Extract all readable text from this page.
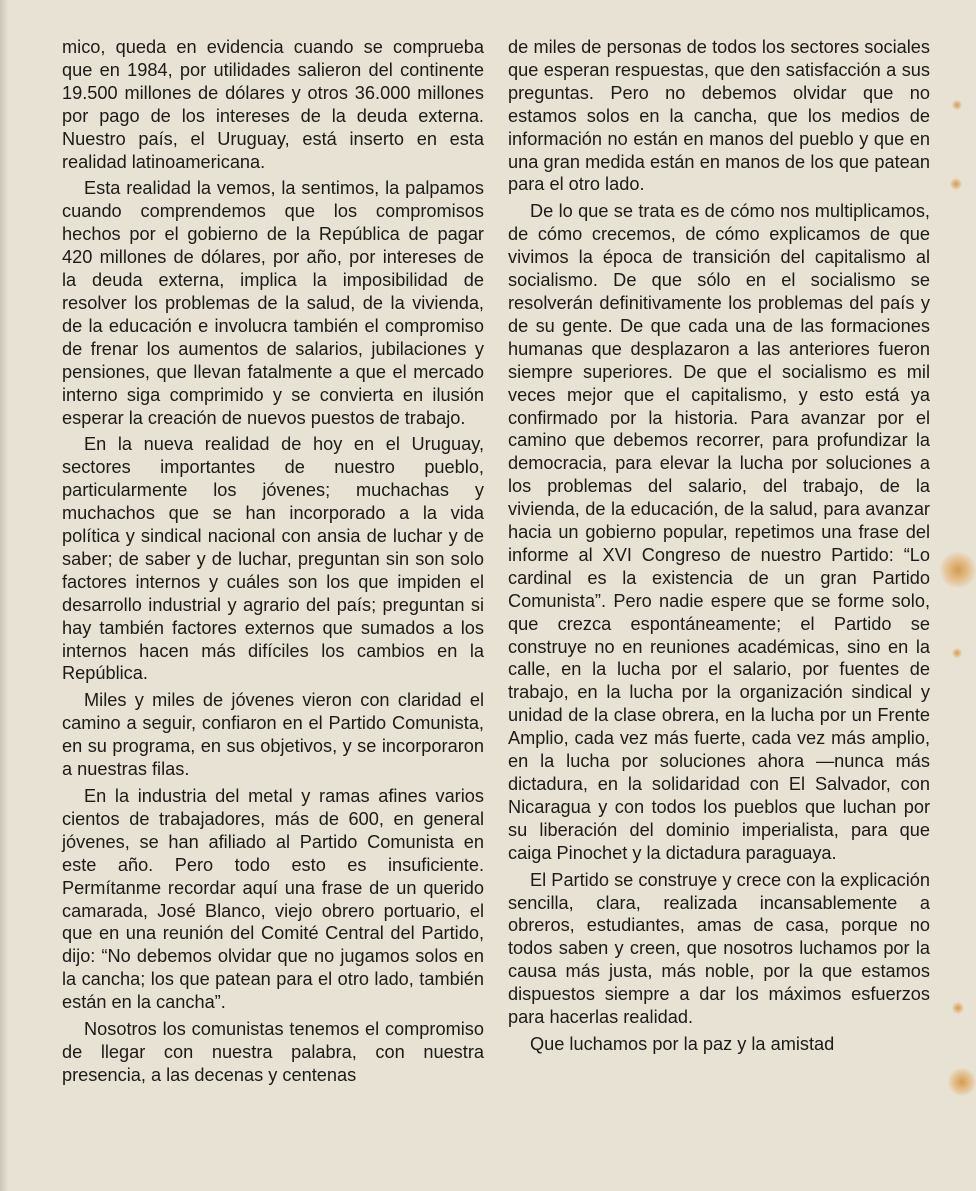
mico, queda en evidencia cuando se comprueba que en 1984, por utilidades salieron del continente 19.500 millones de dólares y otros 36.000 millones por pago de los intereses de la deuda externa. Nuestro país, el Uruguay, está inserto en esta realidad latinoamericana.

Esta realidad la vemos, la sentimos, la palpamos cuando comprendemos que los compromisos hechos por el gobierno de la República de pagar 420 millones de dólares, por año, por intereses de la deuda externa, implica la imposibilidad de resolver los problemas de la salud, de la vivienda, de la educación e involucra también el compromiso de frenar los aumentos de salarios, jubilaciones y pensiones, que llevan fatalmente a que el mercado interno siga comprimido y se convierta en ilusión esperar la creación de nuevos puestos de trabajo.

En la nueva realidad de hoy en el Uruguay, sectores importantes de nuestro pueblo, particularmente los jóvenes; muchachas y muchachos que se han incorporado a la vida política y sindical nacional con ansia de luchar y de saber; de saber y de luchar, preguntan sin son solo factores internos y cuáles son los que impiden el desarrollo industrial y agrario del país; preguntan si hay también factores externos que sumados a los internos hacen más difíciles los cambios en la República.

Miles y miles de jóvenes vieron con claridad el camino a seguir, confiaron en el Partido Comunista, en su programa, en sus objetivos, y se incorporaron a nuestras filas.

En la industria del metal y ramas afines varios cientos de trabajadores, más de 600, en general jóvenes, se han afiliado al Partido Comunista en este año. Pero todo esto es insuficiente. Permítanme recordar aquí una frase de un querido camarada, José Blanco, viejo obrero portuario, el que en una reunión del Comité Central del Partido, dijo: “No debemos olvidar que no jugamos solos en la cancha; los que patean para el otro lado, también están en la cancha”.

Nosotros los comunistas tenemos el compromiso de llegar con nuestra palabra, con nuestra presencia, a las decenas y centenas

de miles de personas de todos los sectores sociales que esperan respuestas, que den satisfacción a sus preguntas. Pero no debemos olvidar que no estamos solos en la cancha, que los medios de información no están en manos del pueblo y que en una gran medida están en manos de los que patean para el otro lado.

De lo que se trata es de cómo nos multiplicamos, de cómo crecemos, de cómo explicamos de que vivimos la época de transición del capitalismo al socialismo. De que sólo en el socialismo se resolverán definitivamente los problemas del país y de su gente. De que cada una de las formaciones humanas que desplazaron a las anteriores fueron siempre superiores. De que el socialismo es mil veces mejor que el capitalismo, y esto está ya confirmado por la historia. Para avanzar por el camino que debemos recorrer, para profundizar la democracia, para elevar la lucha por soluciones a los problemas del salario, del trabajo, de la vivienda, de la educación, de la salud, para avanzar hacia un gobierno popular, repetimos una frase del informe al XVI Congreso de nuestro Partido: “Lo cardinal es la existencia de un gran Partido Comunista”. Pero nadie espere que se forme solo, que crezca espontáneamente; el Partido se construye no en reuniones académicas, sino en la calle, en la lucha por el salario, por fuentes de trabajo, en la lucha por la organización sindical y unidad de la clase obrera, en la lucha por un Frente Amplio, cada vez más fuerte, cada vez más amplio, en la lucha por soluciones ahora —nunca más dictadura, en la solidaridad con El Salvador, con Nicaragua y con todos los pueblos que luchan por su liberación del dominio imperialista, para que caiga Pinochet y la dictadura paraguaya.

El Partido se construye y crece con la explicación sencilla, clara, realizada incansablemente a obreros, estudiantes, amas de casa, porque no todos saben y creen, que nosotros luchamos por la causa más justa, más noble, por la que estamos dispuestos siempre a dar los máximos esfuerzos para hacerlas realidad.

Que luchamos por la paz y la amistad
